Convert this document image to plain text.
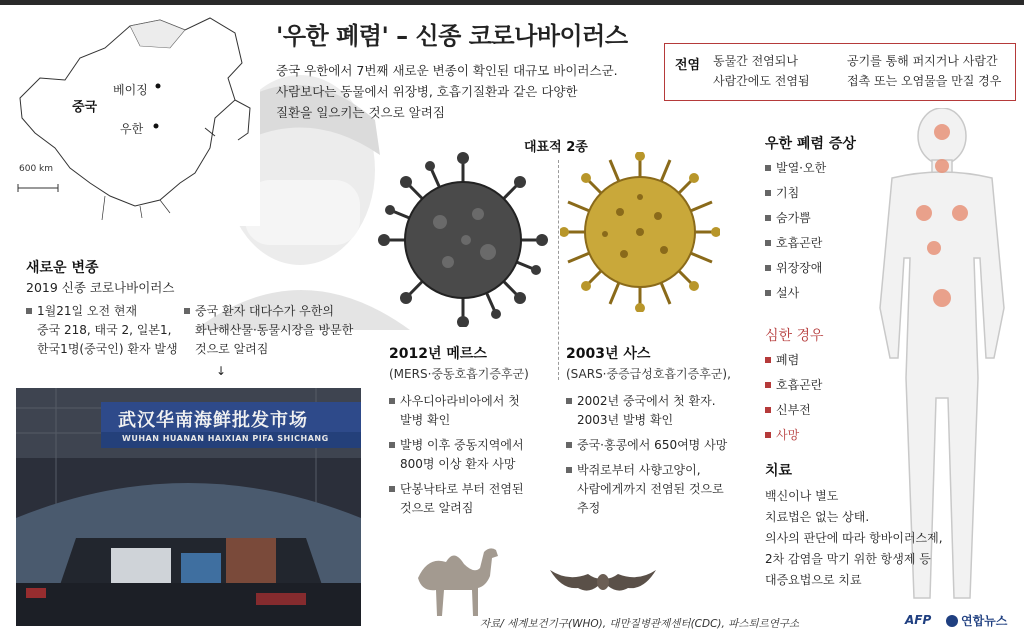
중국
베이징
우한
600 km
'우한 폐렴' – 신종 코로나바이러스
중국 우한에서 7번째 새로운 변종이 확인된 대규모 바이러스군.
사람보다는 동물에서 위장병, 호흡기질환과 같은 다양한
질환을 일으키는 것으로 알려짐
전염 동물간 전염되나
사람간에도 전염됨
공기를 통해 퍼지거나 사람간
접촉 또는 오염물을 만질 경우
대표적 2종
새로운 변종
2019 신종 코로나바이러스
1월21일 오전 현재
중국 218, 태국 2, 일본1,
한국1명(중국인) 환자 발생
중국 환자 대다수가 우한의
화난해산물·동물시장을 방문한
것으로 알려짐
↓
武汉华南海鲜批发市场
WUHAN HUANAN HAIXIAN PIFA SHICHANG
2012년 메르스
(MERS·중동호흡기증후군)
사우디아라비아에서 첫
발병 확인
발병 이후 중동지역에서
800명 이상 환자 사망
단봉낙타로 부터 전염된
것으로 알려짐
2003년 사스
(SARS·중증급성호흡기증후군),
2002년 중국에서 첫 환자.
2003년 발병 확인
중국·홍콩에서 650여명 사망
박쥐로부터 사향고양이,
사람에게까지 전염된 것으로
추정
우한 폐렴 증상
발열·오한
기침
숨가쁨
호흡곤란
위장장애
설사
심한 경우
폐렴
호흡곤란
신부전
사망
치료
백신이나 별도
치료법은 없는 상태.
의사의 판단에 따라 항바이러스제,
2차 감염을 막기 위한 항생제 등
대증요법으로 치료
자료/ 세계보건기구(WHO), 대만질병관제센터(CDC), 파스퇴르연구소	AFP	연합뉴스
